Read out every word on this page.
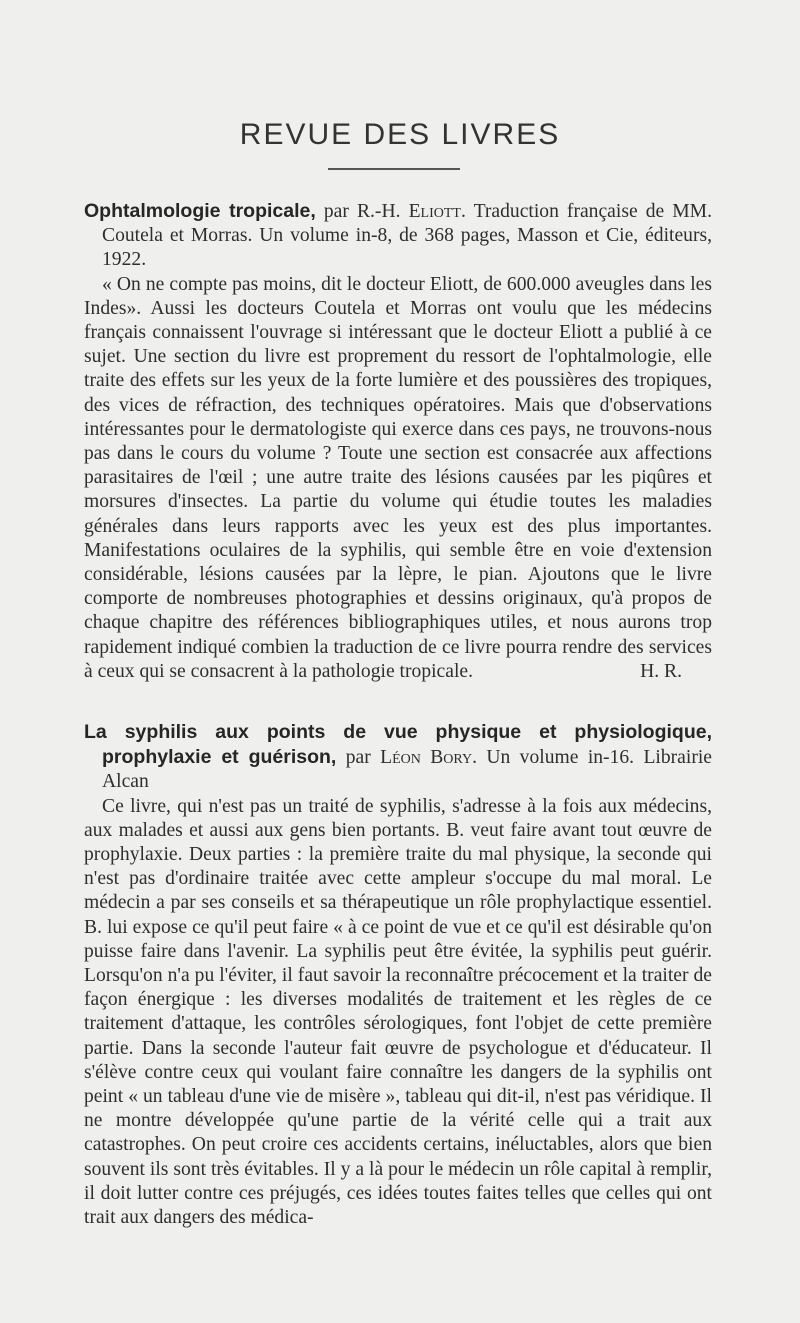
REVUE DES LIVRES

Ophtalmologie tropicale, par R.-H. Eliott. Traduction française de MM. Coutela et Morras. Un volume in-8, de 368 pages, Masson et Cie, éditeurs, 1922.

« On ne compte pas moins, dit le docteur Eliott, de 600.000 aveugles dans les Indes». Aussi les docteurs Coutela et Morras ont voulu que les médecins français connaissent l'ouvrage si intéressant que le docteur Eliott a publié à ce sujet. Une section du livre est proprement du ressort de l'ophtalmologie, elle traite des effets sur les yeux de la forte lumière et des poussières des tropiques, des vices de réfraction, des techniques opératoires. Mais que d'observations intéressantes pour le dermatologiste qui exerce dans ces pays, ne trouvons-nous pas dans le cours du volume ? Toute une section est consacrée aux affections parasitaires de l'œil ; une autre traite des lésions causées par les piqûres et morsures d'insectes. La partie du volume qui étudie toutes les maladies générales dans leurs rapports avec les yeux est des plus importantes. Manifestations oculaires de la syphilis, qui semble être en voie d'extension considérable, lésions causées par la lèpre, le pian. Ajoutons que le livre comporte de nombreuses photographies et dessins originaux, qu'à propos de chaque chapitre des références bibliographiques utiles, et nous aurons trop rapidement indiqué combien la traduction de ce livre pourra rendre des services à ceux qui se consacrent à la pathologie tropicale.	H. R.

La syphilis aux points de vue physique et physiologique, prophylaxie et guérison, par Léon Bory. Un volume in-16. Librairie Alcan

Ce livre, qui n'est pas un traité de syphilis, s'adresse à la fois aux médecins, aux malades et aussi aux gens bien portants. B. veut faire avant tout œuvre de prophylaxie. Deux parties : la première traite du mal physique, la seconde qui n'est pas d'ordinaire traitée avec cette ampleur s'occupe du mal moral. Le médecin a par ses conseils et sa thérapeutique un rôle prophylactique essentiel. B. lui expose ce qu'il peut faire « à ce point de vue et ce qu'il est désirable qu'on puisse faire dans l'avenir. La syphilis peut être évitée, la syphilis peut guérir. Lorsqu'on n'a pu l'éviter, il faut savoir la reconnaître précocement et la traiter de façon énergique : les diverses modalités de traitement et les règles de ce traitement d'attaque, les contrôles sérologiques, font l'objet de cette première partie. Dans la seconde l'auteur fait œuvre de psychologue et d'éducateur. Il s'élève contre ceux qui voulant faire connaître les dangers de la syphilis ont peint « un tableau d'une vie de misère », tableau qui dit-il, n'est pas véridique. Il ne montre développée qu'une partie de la vérité celle qui a trait aux catastrophes. On peut croire ces accidents certains, inéluctables, alors que bien souvent ils sont très évitables. Il y a là pour le médecin un rôle capital à remplir, il doit lutter contre ces préjugés, ces idées toutes faites telles que celles qui ont trait aux dangers des médica-
